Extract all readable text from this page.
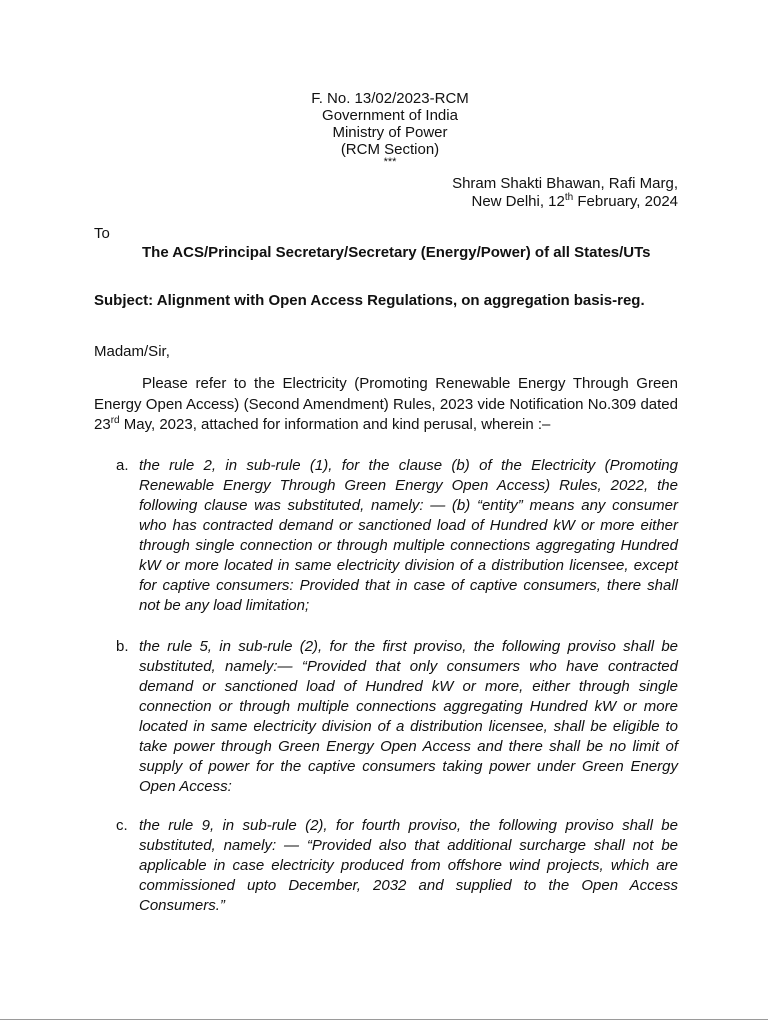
F. No. 13/02/2023-RCM
Government of India
Ministry of Power
(RCM Section)
***
Shram Shakti Bhawan, Rafi Marg,
New Delhi, 12th February, 2024
To
The ACS/Principal Secretary/Secretary (Energy/Power) of all States/UTs
Subject: Alignment with Open Access Regulations, on aggregation basis-reg.
Madam/Sir,
Please refer to the Electricity (Promoting Renewable Energy Through Green Energy Open Access) (Second Amendment) Rules, 2023 vide Notification No.309 dated 23rd May, 2023, attached for information and kind perusal, wherein :–
a. the rule 2, in sub-rule (1), for the clause (b) of the Electricity (Promoting Renewable Energy Through Green Energy Open Access) Rules, 2022, the following clause was substituted, namely: — (b) “entity” means any consumer who has contracted demand or sanctioned load of Hundred kW or more either through single connection or through multiple connections aggregating Hundred kW or more located in same electricity division of a distribution licensee, except for captive consumers: Provided that in case of captive consumers, there shall not be any load limitation;
b. the rule 5, in sub-rule (2), for the first proviso, the following proviso shall be substituted, namely:— “Provided that only consumers who have contracted demand or sanctioned load of Hundred kW or more, either through single connection or through multiple connections aggregating Hundred kW or more located in same electricity division of a distribution licensee, shall be eligible to take power through Green Energy Open Access and there shall be no limit of supply of power for the captive consumers taking power under Green Energy Open Access:
c. the rule 9, in sub-rule (2), for fourth proviso, the following proviso shall be substituted, namely: — “Provided also that additional surcharge shall not be applicable in case electricity produced from offshore wind projects, which are commissioned upto December, 2032 and supplied to the Open Access Consumers.”
